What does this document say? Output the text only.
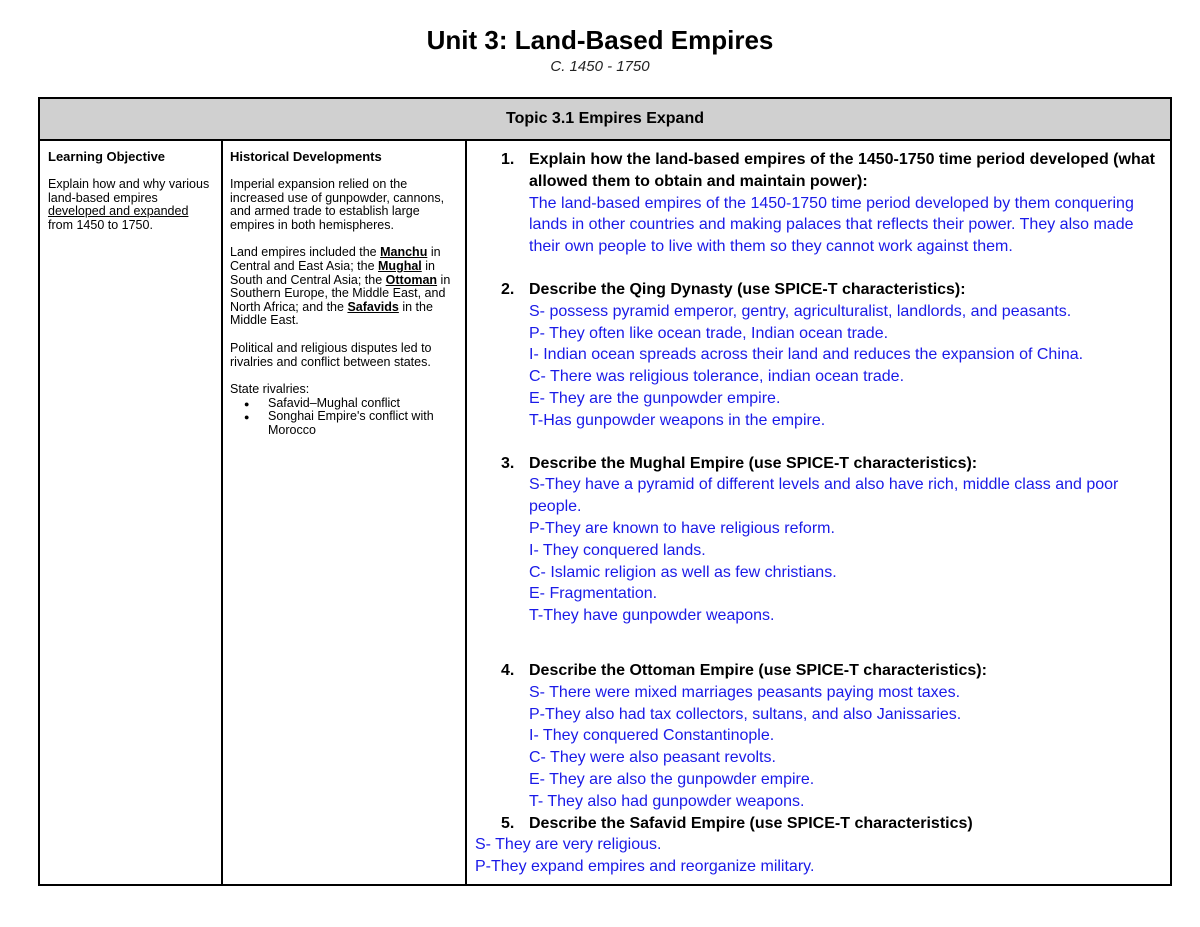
Unit 3: Land-Based Empires
C. 1450 - 1750
Topic 3.1 Empires Expand
Learning Objective
Explain how and why various land-based empires developed and expanded from 1450 to 1750.
Historical Developments

Imperial expansion relied on the increased use of gunpowder, cannons, and armed trade to establish large empires in both hemispheres.

Land empires included the Manchu in Central and East Asia; the Mughal in South and Central Asia; the Ottoman in Southern Europe, the Middle East, and North Africa; and the Safavids in the Middle East.

Political and religious disputes led to rivalries and conflict between states.

State rivalries:
● Safavid–Mughal conflict
● Songhai Empire's conflict with Morocco
1. Explain how the land-based empires of the 1450-1750 time period developed (what allowed them to obtain and maintain power):
The land-based empires of the 1450-1750 time period developed by them conquering lands in other countries and making palaces that reflects their power. They also made their own people to live with them so they cannot work against them.
2. Describe the Qing Dynasty (use SPICE-T characteristics):
S- possess pyramid emperor, gentry, agriculturalist, landlords, and peasants.
P- They often like ocean trade, Indian ocean trade.
I- Indian ocean spreads across their land and reduces the expansion of China.
C- There was religious tolerance, indian ocean trade.
E- They are the gunpowder empire.
T-Has gunpowder weapons in the empire.
3. Describe the Mughal Empire (use SPICE-T characteristics):
S-They have a pyramid of different levels and also have rich, middle class and poor people.
P-They are known to have religious reform.
I- They conquered lands.
C- Islamic religion as well as few christians.
E- Fragmentation.
T-They have gunpowder weapons.
4. Describe the Ottoman Empire (use SPICE-T characteristics):
S- There were mixed marriages peasants paying most taxes.
P-They also had tax collectors, sultans, and also Janissaries.
I- They conquered Constantinople.
C- They were also peasant revolts.
E- They are also the gunpowder empire.
T- They also had gunpowder weapons.
5. Describe the Safavid Empire (use SPICE-T characteristics)
S- They are very religious.
P-They expand empires and reorganize military.
